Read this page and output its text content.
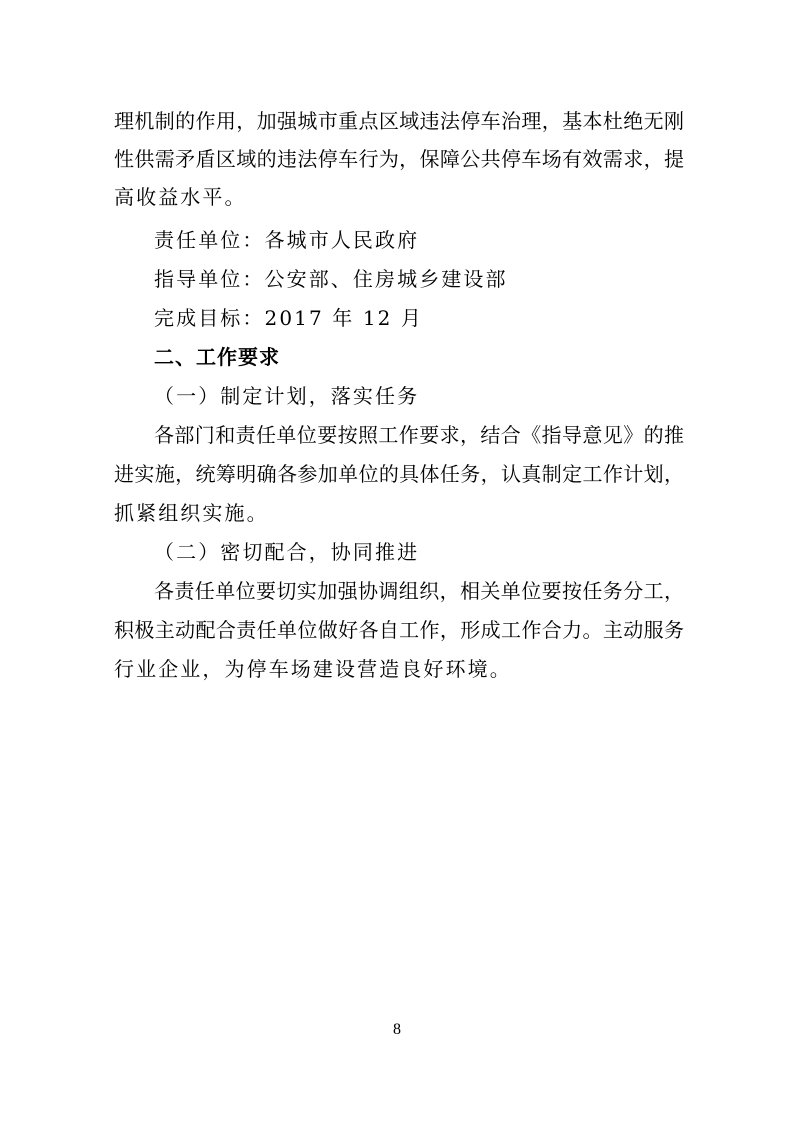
理机制的作用，加强城市重点区域违法停车治理，基本杜绝无刚
性供需矛盾区域的违法停车行为，保障公共停车场有效需求，提
高收益水平。
责任单位：各城市人民政府
指导单位：公安部、住房城乡建设部
完成目标：2017 年 12 月
二、工作要求
（一）制定计划，落实任务
各部门和责任单位要按照工作要求，结合《指导意见》的推
进实施，统筹明确各参加单位的具体任务，认真制定工作计划，
抓紧组织实施。
（二）密切配合，协同推进
各责任单位要切实加强协调组织，相关单位要按任务分工，
积极主动配合责任单位做好各自工作，形成工作合力。主动服务
行业企业，为停车场建设营造良好环境。
8
